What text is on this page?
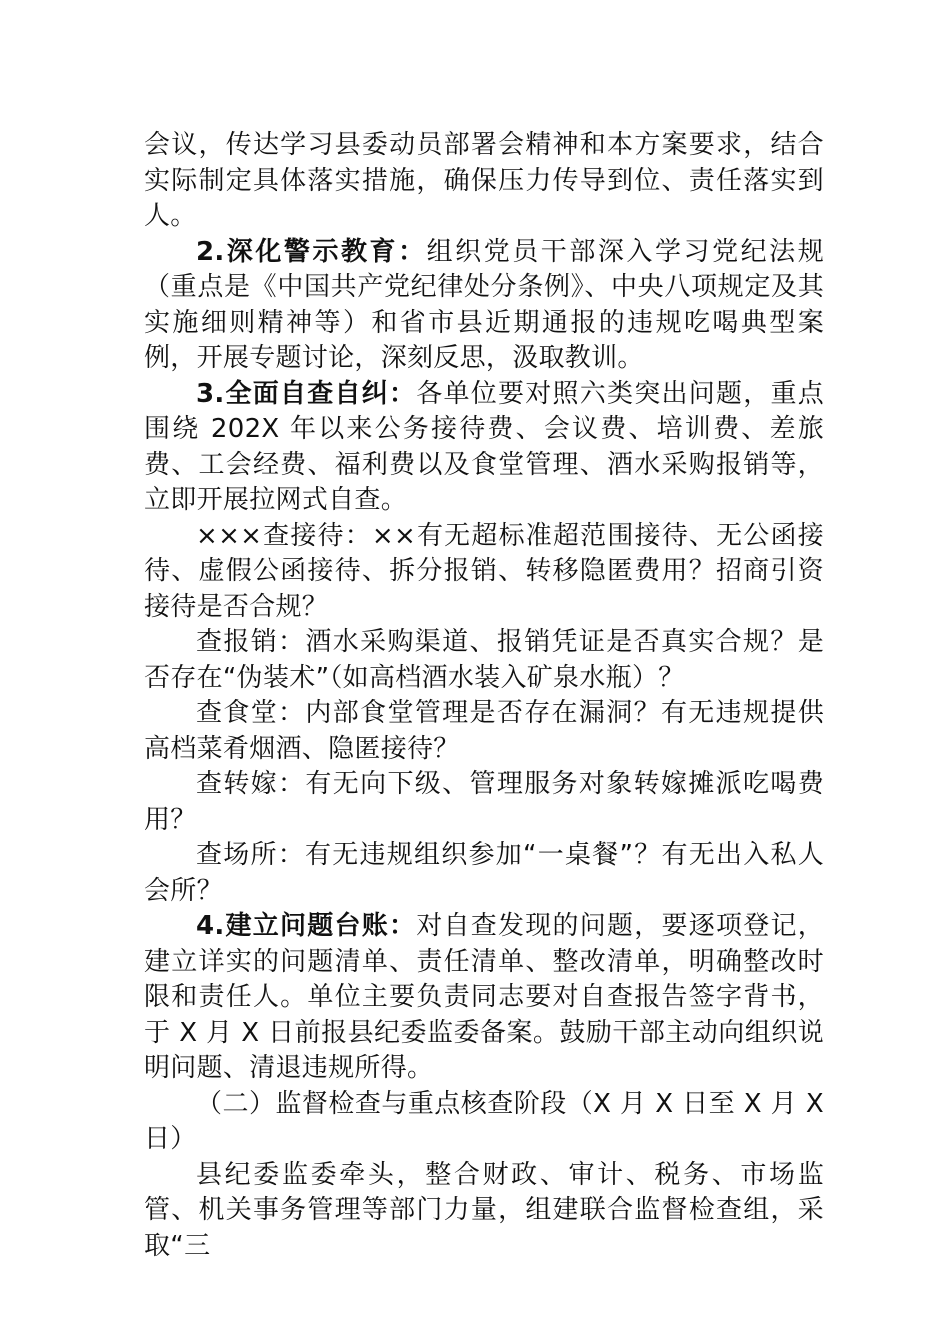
会议，传达学习县委动员部署会精神和本方案要求，结合实际制定具体落实措施，确保压力传导到位、责任落实到人。

2.深化警示教育：组织党员干部深入学习党纪法规（重点是《中国共产党纪律处分条例》、中央八项规定及其实施细则精神等）和省市县近期通报的违规吃喝典型案例，开展专题讨论，深刻反思，汲取教训。

3.全面自查自纠：各单位要对照六类突出问题，重点围绕 202X 年以来公务接待费、会议费、培训费、差旅费、工会经费、福利费以及食堂管理、酒水采购报销等，立即开展拉网式自查。

×××查接待：××有无超标准超范围接待、无公函接待、虚假公函接待、拆分报销、转移隐匿费用？招商引资接待是否合规？

查报销：酒水采购渠道、报销凭证是否真实合规？是否存在“伪装术”（如高档酒水装入矿泉水瓶）？

查食堂：内部食堂管理是否存在漏洞？有无违规提供高档菜肴烟酒、隐匿接待？

查转嫁：有无向下级、管理服务对象转嫁摊派吃喝费用？

查场所：有无违规组织参加“一桌餐”？有无出入私人会所？

4.建立问题台账：对自查发现的问题，要逐项登记，建立详实的问题清单、责任清单、整改清单，明确整改时限和责任人。单位主要负责同志要对自查报告签字背书，于 X 月 X 日前报县纪委监委备案。鼓励干部主动向组织说明问题、清退违规所得。

（二）监督检查与重点核查阶段（X 月 X 日至 X 月 X 日）

县纪委监委牵头，整合财政、审计、税务、市场监管、机关事务管理等部门力量，组建联合监督检查组，采取“三
